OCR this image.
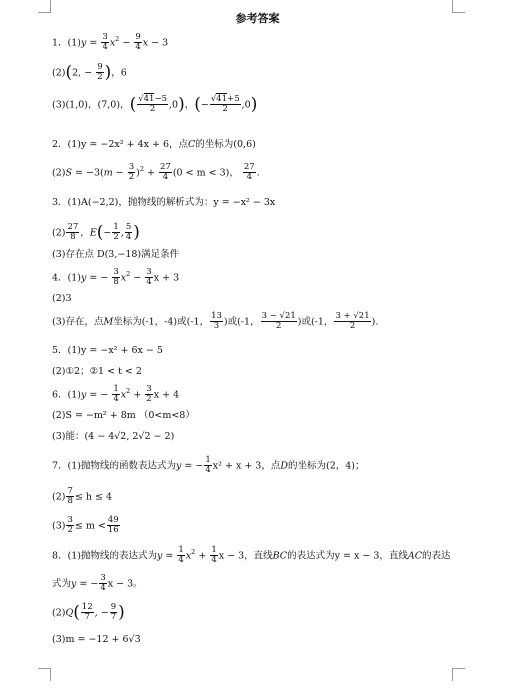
参考答案
1．$(1)y = \frac{3}{4} x^2 - \frac{9}{4}$ x − 3
(2)(2, − $\frac{9}{2}$ )，6
(3)(1,0)，(7,0)，( $\frac{√41-5}{2} ,0$)，(− $\frac{√41+5}{2} ,0$)
2．(1)y = −2x² + 4x + 6，点C的坐标为(0,6)
$(2)S = -3(m - \frac{3}{2} )^2 + \frac{27}{4} (0 < m < 3)$， $\frac{27}{4}$ .
3．(1)A(−2,2)，抛物线的解析式为：y = −x² − 3x
$(2) \frac{27}{8}$ ，$E(- \frac{1}{2}$ , $\frac{5}{4}$ )
(3)存在点 D(3,−18)满足条件
4．(1)y = − $\frac{3}{8} x^2 - \frac{3}{4}$ x + 3
(2)3
(3)存在，点M坐标为(-1，-4)或(-1， $\frac{13}{3}$ )或(-1， $\frac{3 - √21}{2}$ )或(-1， $\frac{3 + √21}{2}$ ).
5．(1)y = −x² + 6x − 5
(2)①2；②1 < t < 2
6．(1)y = − $\frac{1}{4} x^2 + \frac{3}{2}$ x + 4
(2)S = −m² + 8m （0<m<8）
(3)能：(4 − 4√2, 2√2 − 2)
7．(1)抛物线的函数表达式为y = − $\frac{1}{4} x^2 + x + 3$，点D的坐标为(2，4)；
$(2) \frac{7}{8} \le h \le 4$
$(3) \frac{3}{2} \le m < \frac{49}{16}$
8．(1)抛物线的表达式为$y = \frac{1}{4} x^2 + \frac{1}{4}$ x − 3，直线BC的表达式为y = x − 3，直线AC的表达
式为y = − $\frac{3}{4}$ x − 3。
$(2)Q( \frac{12}{7}$ , − $\frac{9}{7}$ )
(3)m = −12 + 6√3
